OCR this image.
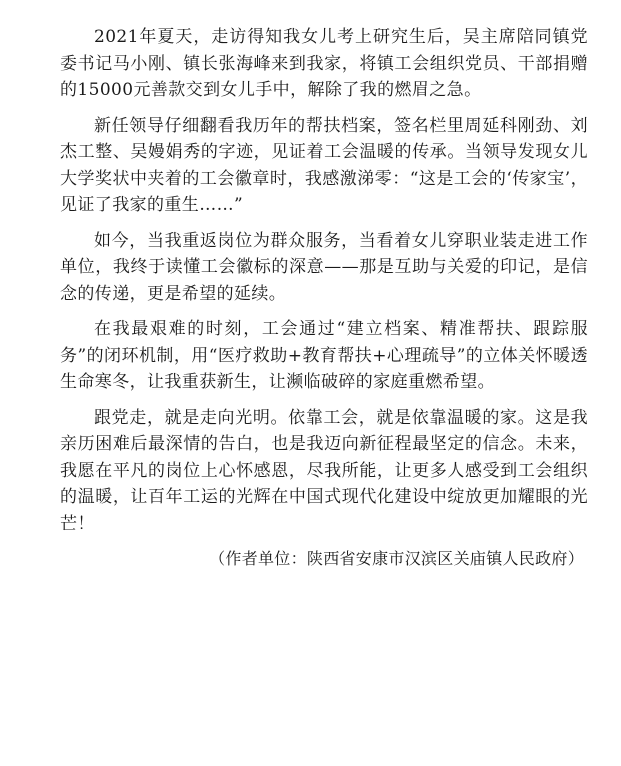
2021年夏天，走访得知我女儿考上研究生后，吴主席陪同镇党委书记马小刚、镇长张海峰来到我家，将镇工会组织党员、干部捐赠的15000元善款交到女儿手中，解除了我的燃眉之急。

新任领导仔细翻看我历年的帮扶档案，签名栏里周延科刚劲、刘杰工整、吴嫚娟秀的字迹，见证着工会温暖的传承。当领导发现女儿大学奖状中夹着的工会徽章时，我感激涕零：“这是工会的‘传家宝’，见证了我家的重生……”

如今，当我重返岗位为群众服务，当看着女儿穿职业装走进工作单位，我终于读懂工会徽标的深意——那是互助与关爱的印记，是信念的传递，更是希望的延续。

在我最艰难的时刻，工会通过“建立档案、精准帮扶、跟踪服务”的闭环机制，用“医疗救助+教育帮扶+心理疏导”的立体关怀暖透生命寒冬，让我重获新生，让濒临破碎的家庭重燃希望。

跟党走，就是走向光明。依靠工会，就是依靠温暖的家。这是我亲历困难后最深情的告白，也是我迈向新征程最坚定的信念。未来，我愿在平凡的岗位上心怀感恩，尽我所能，让更多人感受到工会组织的温暖，让百年工运的光辉在中国式现代化建设中绽放更加耀眼的光芒！

（作者单位：陕西省安康市汉滨区关庙镇人民政府）
